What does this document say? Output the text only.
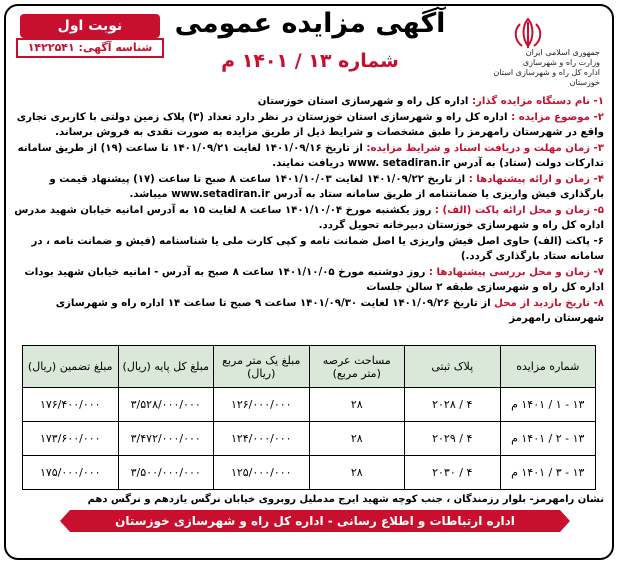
جمهوری اسلامی ایران
وزارت راه و شهرسازی
اداره کل راه و شهرسازی استان خوزستان
آگهی مزایده عمومی
شماره ۱۳ / ۱۴۰۱ م
نوبت اول
شناسه آگهی: ۱۴۲۲۵۴۱

۱- نام دستگاه مزایده گذار: اداره کل راه و شهرسازی استان خوزستان

۲- موضوع مزایده : اداره کل راه و شهرسازی استان خوزستان در نظر دارد تعداد (۳) پلاک زمین دولتی با کاربری تجاری واقع در شهرستان رامهرمز را طبق مشخصات و شرایط ذیل از طریق مزایده به صورت نقدی به فروش برساند.

۳- زمان مهلت و دریافت اسناد و شرایط مزایده: از تاریخ ۱۴۰۱/۰۹/۱۶ لغایت ۱۴۰۱/۰۹/۲۱ تا ساعت (۱۹) از طریق سامانه تدارکات دولت (ستاد) به آدرس www. setadiran.ir دریافت نمایند.

۴- زمان و ارائه پیشنهادها : از تاریخ ۱۴۰۱/۰۹/۲۲ لغایت ۱۴۰۱/۱۰/۰۳ ساعت ۸ صبح تا ساعت (۱۷) پیشنهاد قیمت و بارگذاری فیش واریزی یا ضمانتنامه از طریق سامانه ستاد به آدرس www.setadiran.ir میباشد.

۵- زمان و محل ارائه پاکت (الف) : روز یکشنبه مورخ ۱۴۰۱/۱۰/۰۴ ساعت ۸ لغایت ۱۵ به آدرس امانیه خیابان شهید مدرس اداره کل راه و شهرسازی خوزستان دبیرخانه تحویل گردد.

۶- پاکت (الف) حاوی اصل فیش واریزی یا اصل ضمانت نامه و کپی کارت ملی یا شناسنامه (فیش و ضمانت نامه ، در سامانه ستاد بارگذاری گردد.)

۷- زمان و محل بررسی پیشنهادها : روز دوشنبه مورخ ۱۴۰۱/۱۰/۰۵ ساعت ۸ صبح به آدرس - امانیه خیابان شهید بودات اداره کل راه و شهرسازی طبقه ۲ سالن جلسات

۸- تاریخ بازدید از محل از تاریخ ۱۴۰۱/۰۹/۲۶ لغایت ۱۴۰۱/۰۹/۳۰ ساعت ۹ صبح تا ساعت ۱۴ اداره راه و شهرسازی شهرستان رامهرمز

شماره مزایده	پلاک ثبتی	مساحت عرصه (متر مربع)	مبلغ یک متر مربع (ریال)	مبلغ کل پایه (ریال)	مبلغ تضمین (ریال)
۱۳ - ۱ / ۱۴۰۱ م	۴ / ۲۰۲۸	۲۸	۱۲۶/۰۰۰/۰۰۰	۳/۵۲۸/۰۰۰/۰۰۰	۱۷۶/۴۰۰/۰۰۰
۱۳ - ۲ / ۱۴۰۱ م	۴ / ۲۰۲۹	۲۸	۱۲۴/۰۰۰/۰۰۰	۳/۴۷۲/۰۰۰/۰۰۰	۱۷۳/۶۰۰/۰۰۰
۱۳ - ۳ / ۱۴۰۱ م	۴ / ۲۰۳۰	۲۸	۱۲۵/۰۰۰/۰۰۰	۳/۵۰۰/۰۰۰/۰۰۰	۱۷۵/۰۰۰/۰۰۰
نشان رامهرمز- بلوار رزمندگان ، جنب کوچه شهید ایرج مدملیل روبروی خیابان نرگس یازدهم و نرگس دهم
اداره ارتباطات و اطلاع رسانی - اداره کل راه و شهرسازی خوزستان
